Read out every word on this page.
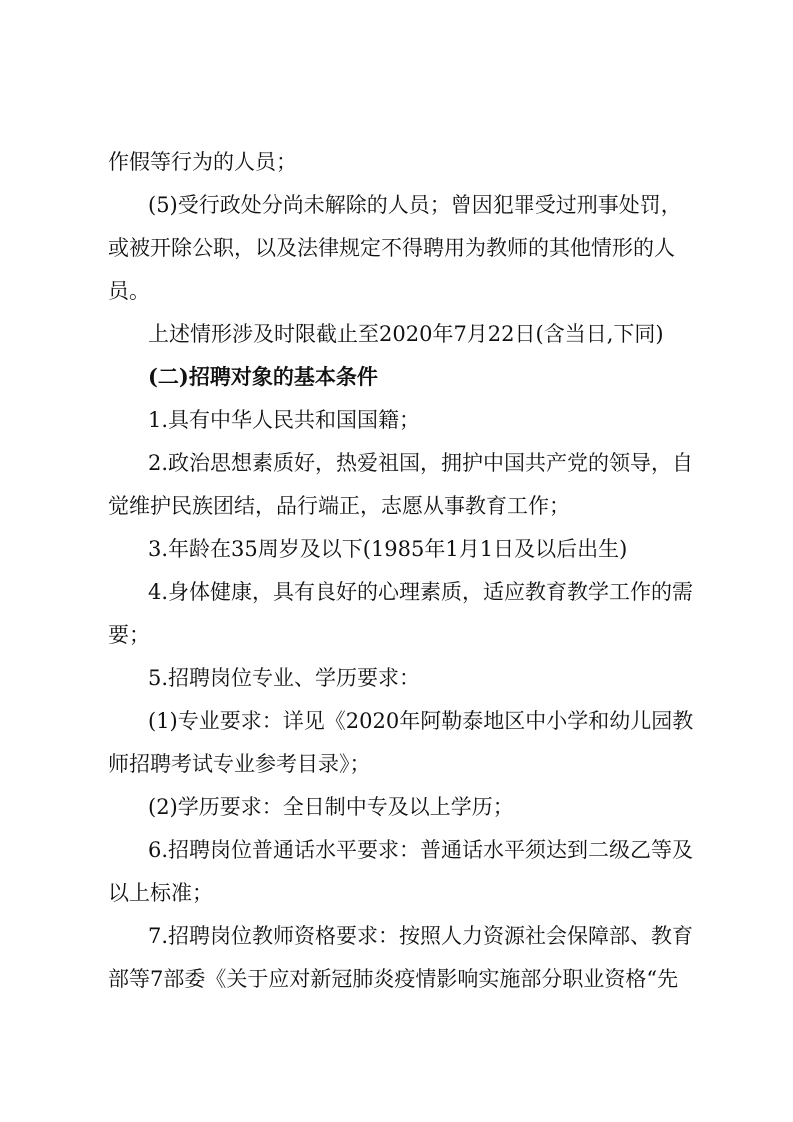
作假等行为的人员；
(5)受行政处分尚未解除的人员；曾因犯罪受过刑事处罚，
或被开除公职，以及法律规定不得聘用为教师的其他情形的人
员。
上述情形涉及时限截止至2020年7月22日(含当日,下同)
(二)招聘对象的基本条件
1.具有中华人民共和国国籍；
2.政治思想素质好，热爱祖国，拥护中国共产党的领导，自
觉维护民族团结，品行端正，志愿从事教育工作；
3.年龄在35周岁及以下(1985年1月1日及以后出生)
4.身体健康，具有良好的心理素质，适应教育教学工作的需
要；
5.招聘岗位专业、学历要求：
(1)专业要求：详见《2020年阿勒泰地区中小学和幼儿园教
师招聘考试专业参考目录》；
(2)学历要求：全日制中专及以上学历；
6.招聘岗位普通话水平要求：普通话水平须达到二级乙等及
以上标准；
7.招聘岗位教师资格要求：按照人力资源社会保障部、教育
部等7部委《关于应对新冠肺炎疫情影响实施部分职业资格“先
